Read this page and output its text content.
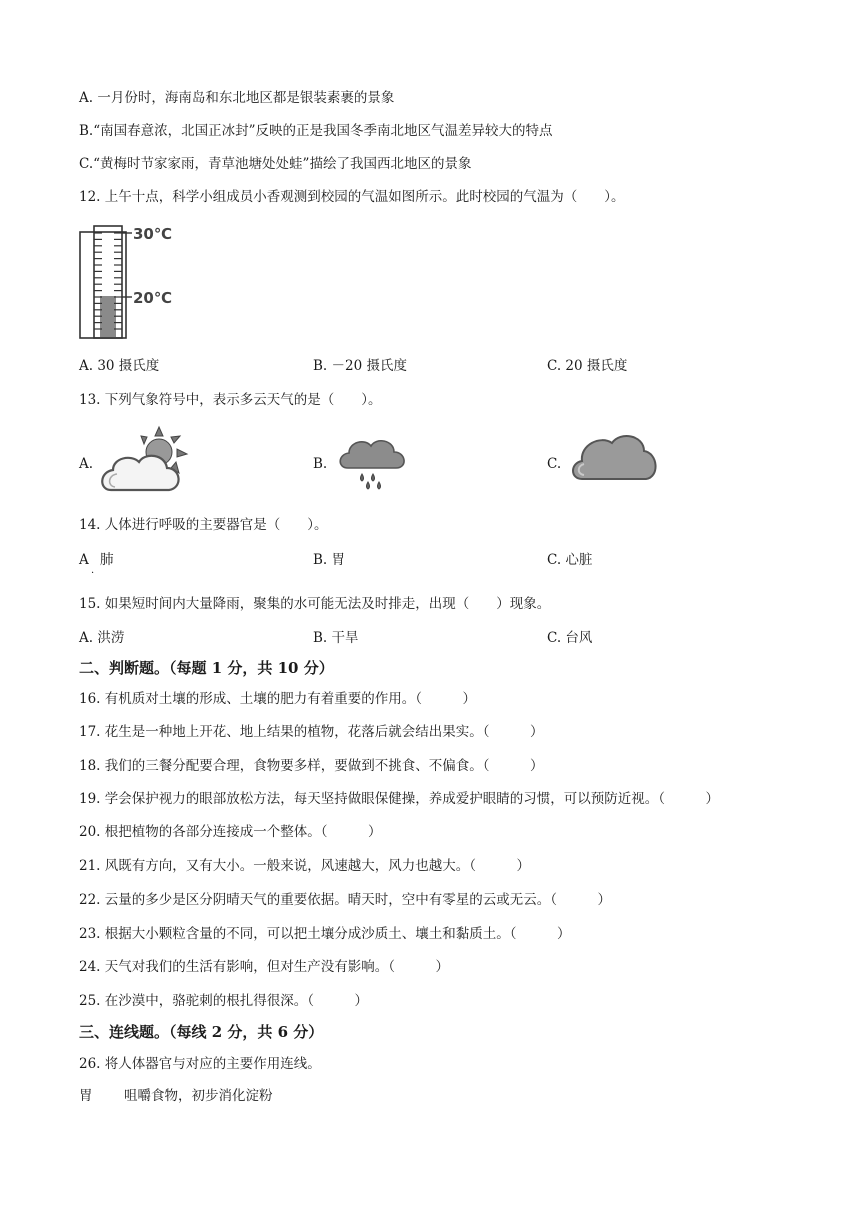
A. 一月份时，海南岛和东北地区都是银装素裹的景象
B.“南国春意浓，北国正冰封”反映的正是我国冬季南北地区气温差异较大的特点
C.“黄梅时节家家雨，青草池塘处处蛙”描绘了我国西北地区的景象
12. 上午十点，科学小组成员小香观测到校园的气温如图所示。此时校园的气温为（　　）。
30℃
20℃
A. 30 摄氏度	B. －20 摄氏度	C. 20 摄氏度
13. 下列气象符号中，表示多云天气的是（　　）。
A.	B.	C.
14. 人体进行呼吸的主要器官是（　　）。
A
·
肺	B. 胃	C. 心脏
15. 如果短时间内大量降雨，聚集的水可能无法及时排走，出现（　　）现象。
A. 洪涝	B. 干旱	C. 台风
二、判断题。（每题 1 分，共 10 分）
16. 有机质对土壤的形成、土壤的肥力有着重要的作用。（　　　）
17. 花生是一种地上开花、地上结果的植物，花落后就会结出果实。（　　　）
18. 我们的三餐分配要合理，食物要多样，要做到不挑食、不偏食。（　　　）
19. 学会保护视力的眼部放松方法，每天坚持做眼保健操，养成爱护眼睛的习惯，可以预防近视。（　　　）
20. 根把植物的各部分连接成一个整体。（　　　）
21. 风既有方向，又有大小。一般来说，风速越大，风力也越大。（　　　）
22. 云量的多少是区分阴晴天气的重要依据。晴天时，空中有零星的云或无云。（　　　）
23. 根据大小颗粒含量的不同，可以把土壤分成沙质土、壤土和黏质土。（　　　）
24. 天气对我们的生活有影响，但对生产没有影响。（　　　）
25. 在沙漠中，骆驼刺的根扎得很深。（　　　）
三、连线题。（每线 2 分，共 6 分）
26. 将人体器官与对应的主要作用连线。
胃 咀嚼食物，初步消化淀粉
